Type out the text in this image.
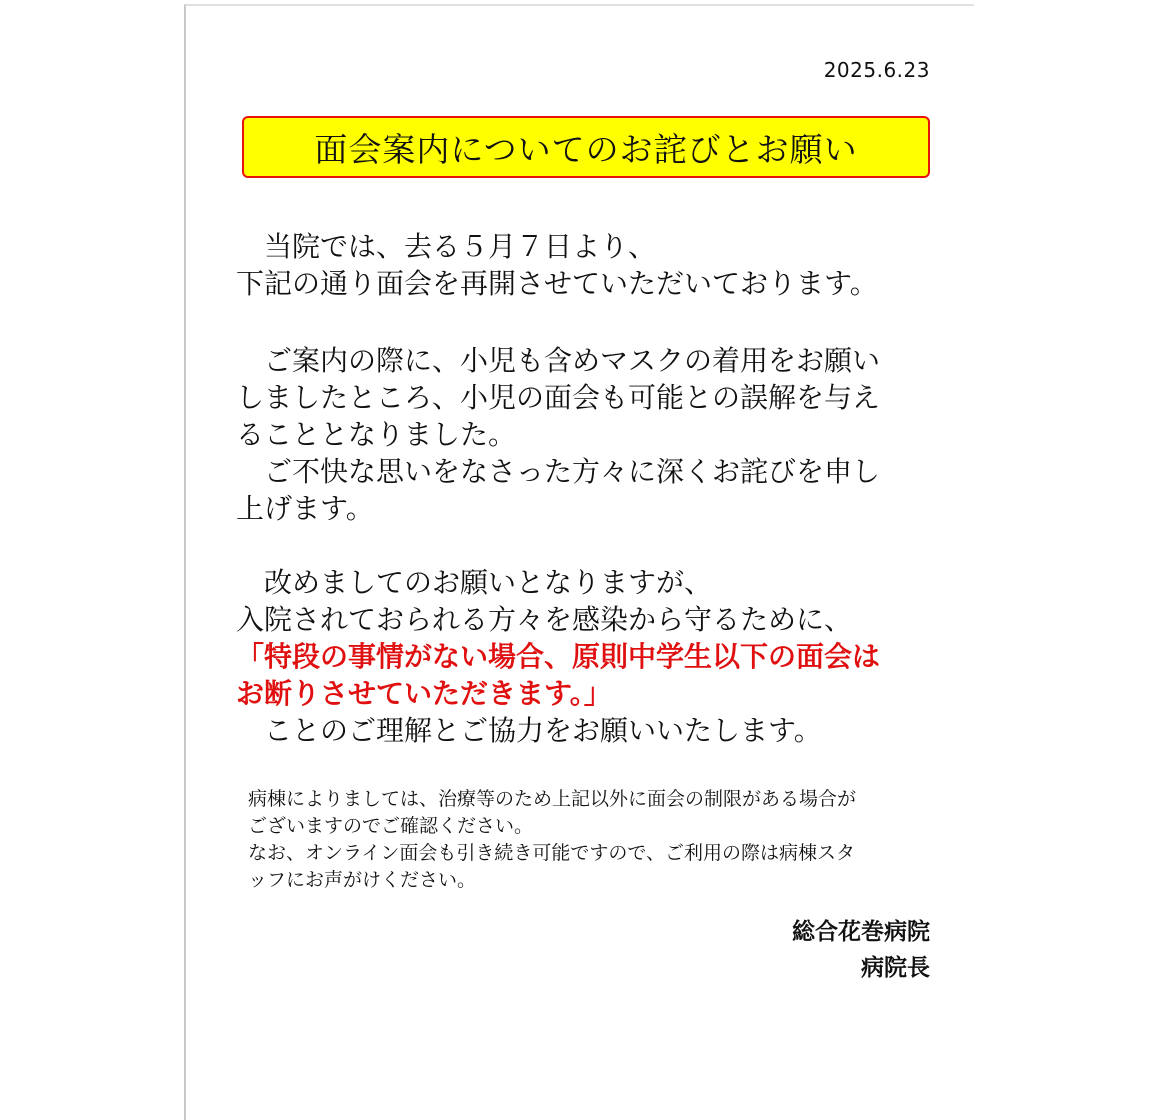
2025.6.23
面会案内についてのお詫びとお願い
　当院では、去る５月７日より、
下記の通り面会を再開させていただいております。
　ご案内の際に、小児も含めマスクの着用をお願い
しましたところ、小児の面会も可能との誤解を与え
ることとなりました。
　ご不快な思いをなさった方々に深くお詫びを申し
上げます。
　改めましてのお願いとなりますが、
入院されておられる方々を感染から守るために、
「特段の事情がない場合、原則中学生以下の面会は
お断りさせていただきます。」
　ことのご理解とご協力をお願いいたします。
病棟によりましては、治療等のため上記以外に面会の制限がある場合が
ございますのでご確認ください。
なお、オンライン面会も引き続き可能ですので、ご利用の際は病棟スタ
ッフにお声がけください。
総合花巻病院
病院長
